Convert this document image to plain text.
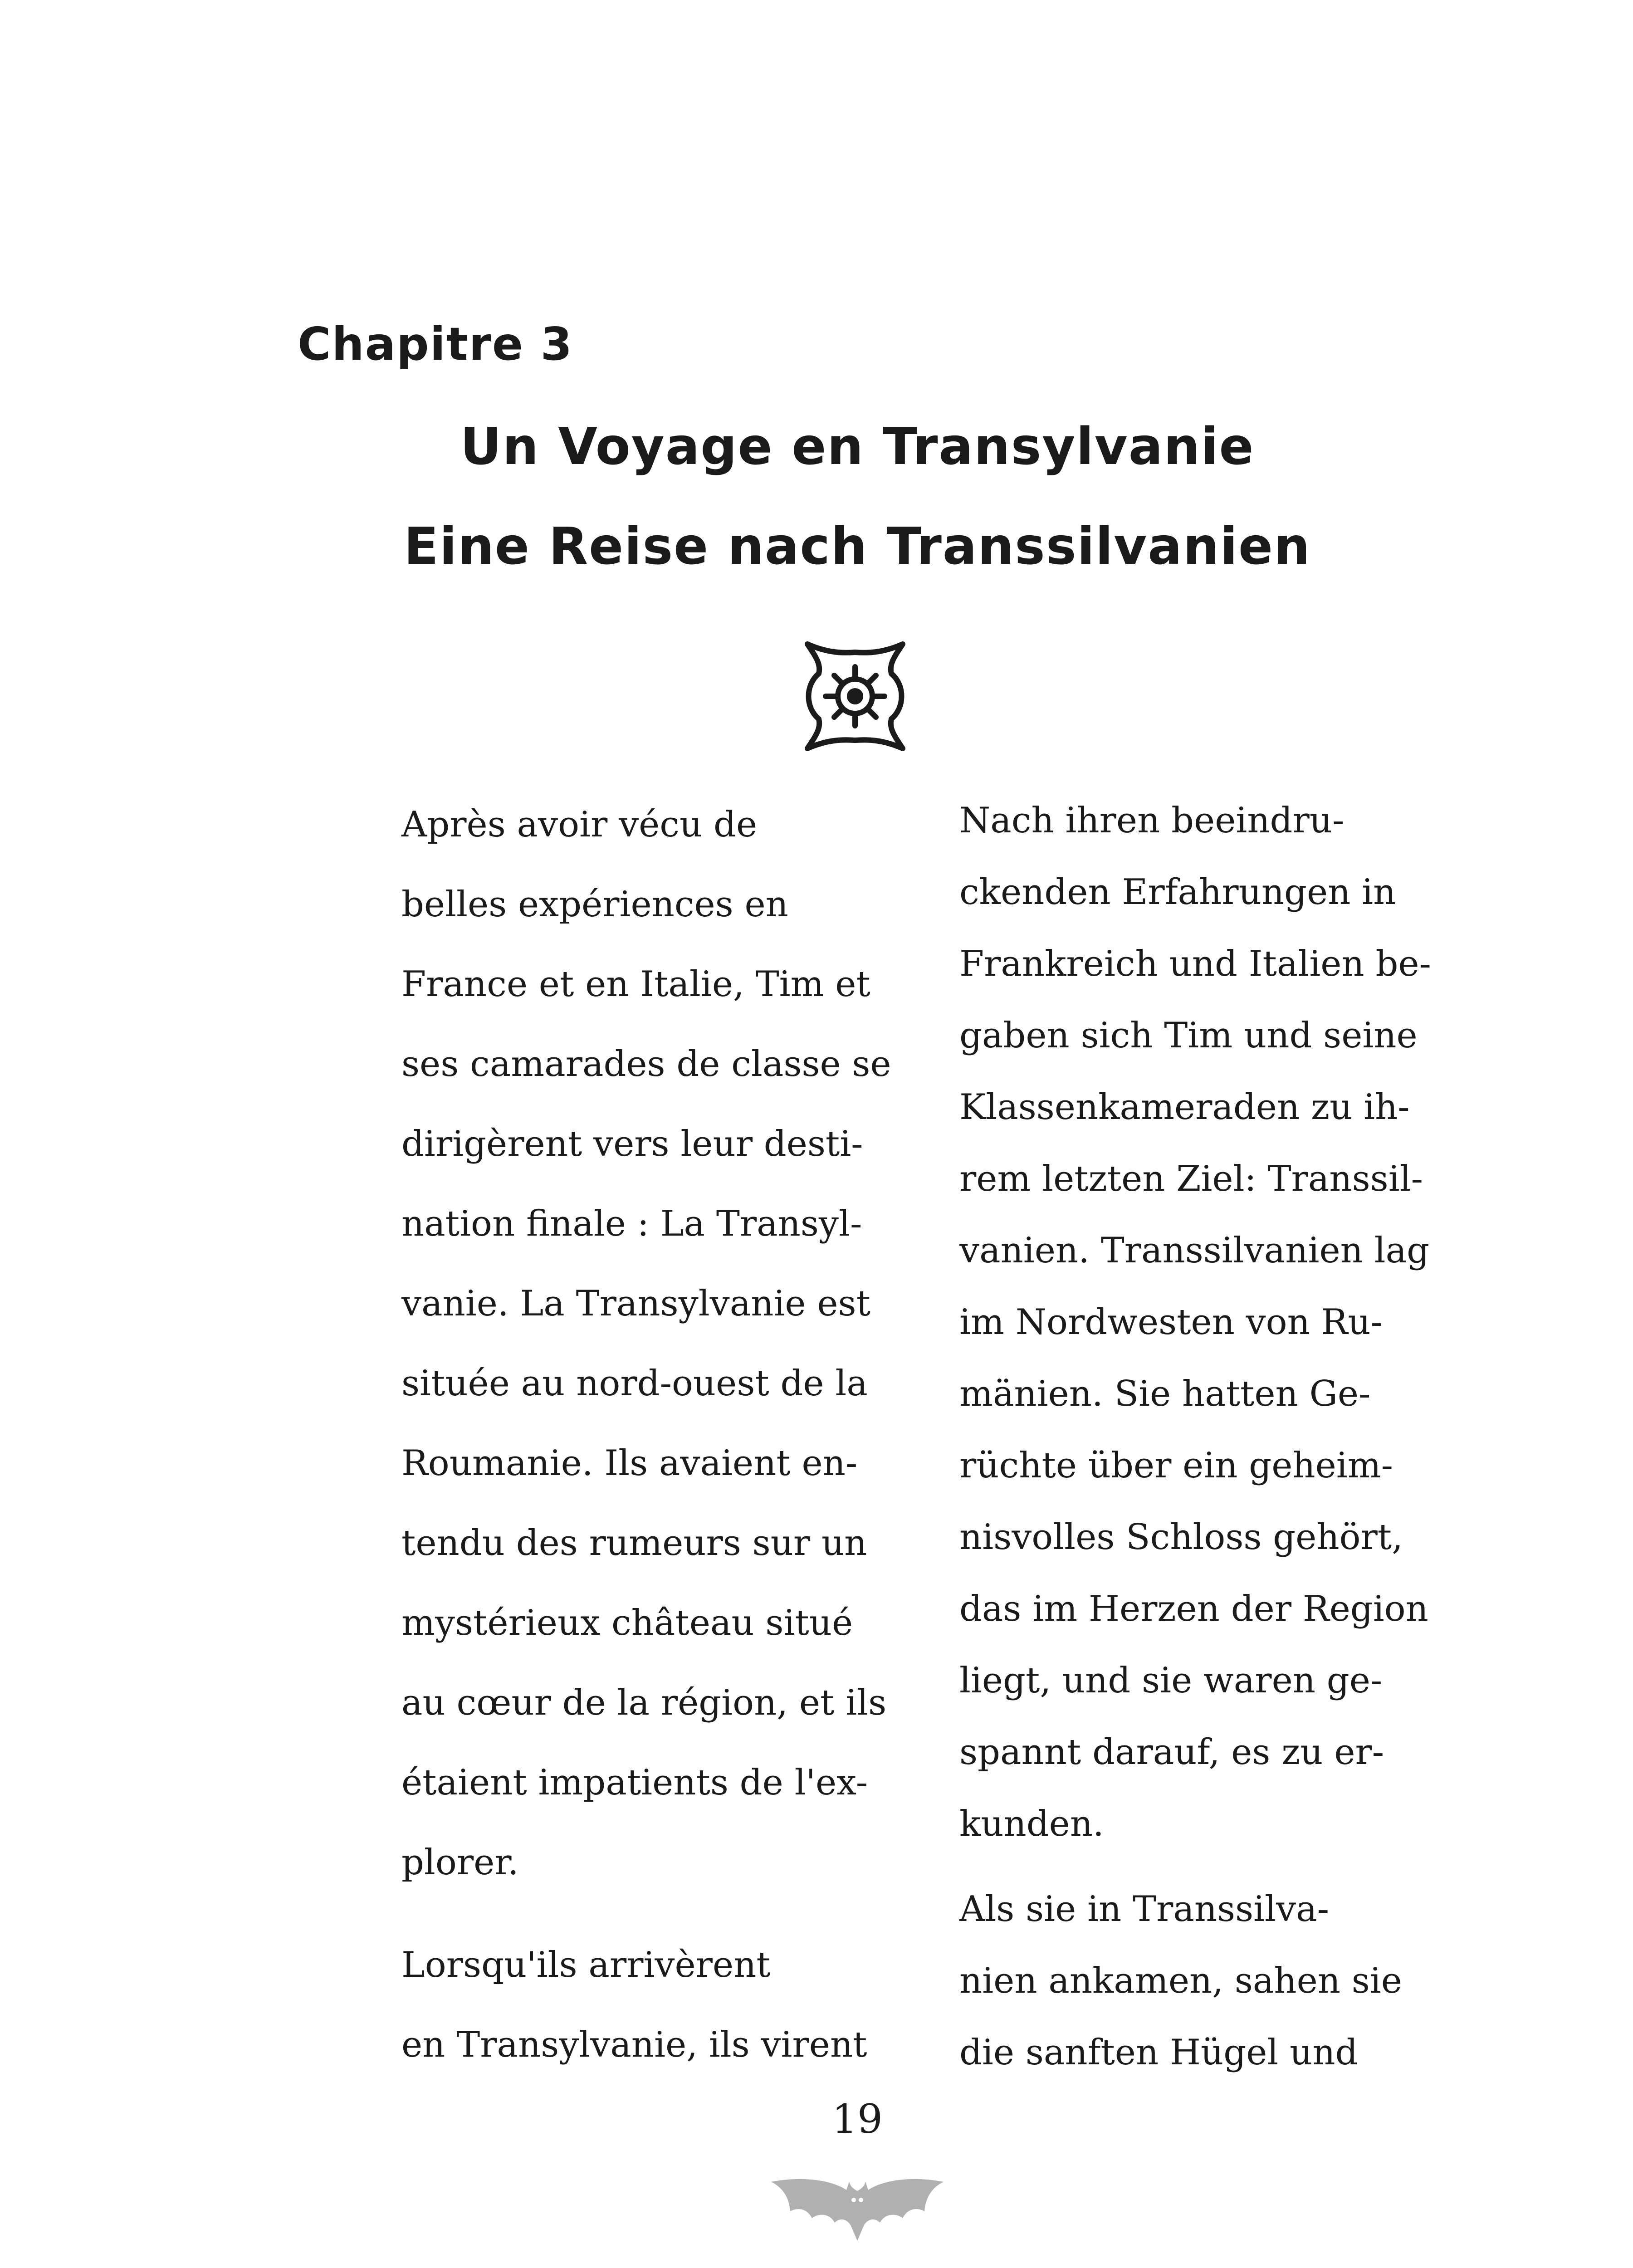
Chapitre 3
Un Voyage en Transylvanie
Eine Reise nach Transsilvanien

Après avoir vécu de
belles expériences en
France et en Italie, Tim et
ses camarades de classe se
dirigèrent vers leur desti-
nation finale : La Transyl-
vanie. La Transylvanie est
située au nord-ouest de la
Roumanie. Ils avaient en-
tendu des rumeurs sur un
mystérieux château situé
au cœur de la région, et ils
étaient impatients de l'ex-
plorer.

Lorsqu'ils arrivèrent
en Transylvanie, ils virent

Nach ihren beeindru-
ckenden Erfahrungen in
Frankreich und Italien be-
gaben sich Tim und seine
Klassenkameraden zu ih-
rem letzten Ziel: Transsil-
vanien. Transsilvanien lag
im Nordwesten von Ru-
mänien. Sie hatten Ge-
rüchte über ein geheim-
nisvolles Schloss gehört,
das im Herzen der Region
liegt, und sie waren ge-
spannt darauf, es zu er-
kunden.

Als sie in Transsilva-
nien ankamen, sahen sie
die sanften Hügel und

19
